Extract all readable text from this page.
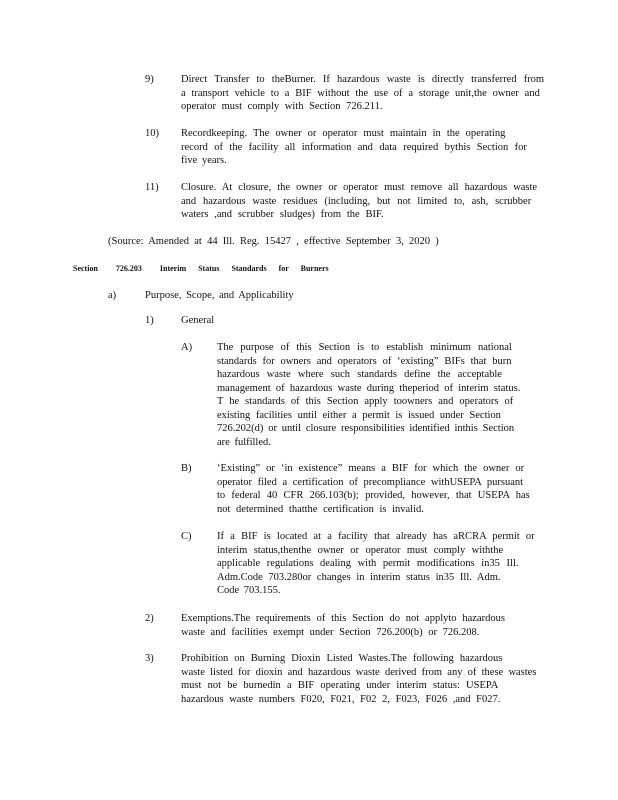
9)	Direct Transfer to theBurner. If hazardous waste is directly transferred from
a transport vehicle to a BIF without the use of a storage unit,the owner and
operator must comply with Section 726.211.
10) Recordkeeping. The owner or operator must maintain in the operating
record of the facility all information and data required bythis Section for
five years.
11) Closure. At closure, the owner or operator must remove all hazardous waste
and hazardous waste residues (including, but not limited to, ash, scrubber
waters ,and scrubber sludges) from the BIF.
(Source: Amended at 44 Ill. Reg. 15427 , effective September 3, 2020 )
Section 726.203 Interim Status Standards for Burners
a)	Purpose, Scope, and Applicability
1)	General
A) The purpose of this Section is to establish minimum national
standards for owners and operators of ‘existing” BIFs that burn
hazardous waste where such standards define the acceptable
management of hazardous waste during theperiod of interim status.
T he standards of this Section apply toowners and operators of
existing facilities until either a permit is issued under Section
726.202(d) or until closure responsibilities identified inthis Section
are fulfilled.
B) ‘Existing” or ‘in existence” means a BIF for which the owner or
operator filed a certification of precompliance withUSEPA pursuant
to federal 40 CFR 266.103(b); provided, however, that USEPA has
not determined thatthe certification is invalid.
C) If a BIF is located at a facility that already has aRCRA permit or
interim status,thenthe owner or operator must comply withthe
applicable regulations dealing with permit modifications in35 Ill.
Adm.Code 703.280or changes in interim status in35 Ill. Adm.
Code 703.155.
2)	Exemptions.The requirements of this Section do not applyto hazardous
waste and facilities exempt under Section 726.200(b) or 726.208.
3)	Prohibition on Burning Dioxin Listed Wastes.The following hazardous
waste listed for dioxin and hazardous waste derived from any of these wastes
must not be burnedin a BIF operating under interim status: USEPA
hazardous waste numbers F020, F021, F02 2, F023, F026 ,and F027.
